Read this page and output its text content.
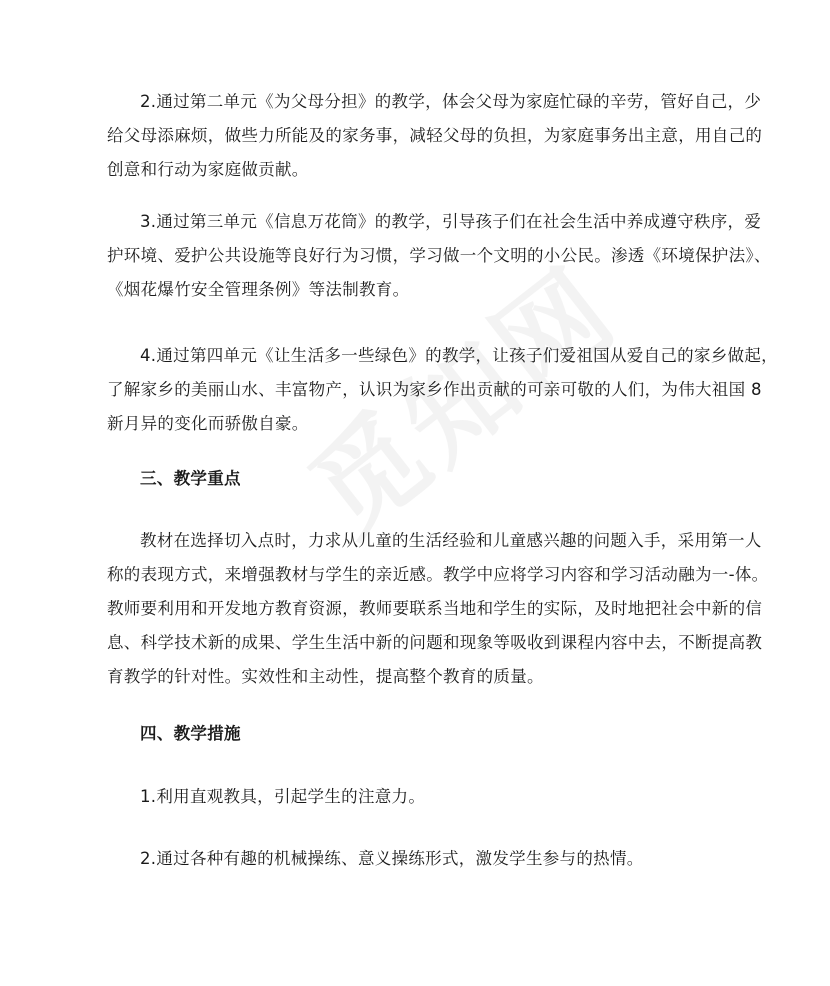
2.通过第二单元《为父母分担》的教学，体会父母为家庭忙碌的辛劳，管好自己，少
给父母添麻烦，做些力所能及的家务事，减轻父母的负担，为家庭事务出主意，用自己的
创意和行动为家庭做贡献。

3.通过第三单元《信息万花筒》的教学，引导孩子们在社会生活中养成遵守秩序，爱
护环境、爱护公共设施等良好行为习惯，学习做一个文明的小公民。渗透《环境保护法》、
《烟花爆竹安全管理条例》等法制教育。

4.通过第四单元《让生活多一些绿色》的教学，让孩子们爱祖国从爱自己的家乡做起，
了解家乡的美丽山水、丰富物产，认识为家乡作出贡献的可亲可敬的人们，为伟大祖国 8
新月异的变化而骄傲自豪。

三、教学重点

教材在选择切入点时，力求从儿童的生活经验和儿童感兴趣的问题入手，采用第一人
称的表现方式，来增强教材与学生的亲近感。教学中应将学习内容和学习活动融为一-体。
教师要利用和开发地方教育资源，教师要联系当地和学生的实际，及时地把社会中新的信
息、科学技术新的成果、学生生活中新的问题和现象等吸收到课程内容中去，不断提高教
育教学的针对性。实效性和主动性，提高整个教育的质量。

四、教学措施

1.利用直观教具，引起学生的注意力。

2.通过各种有趣的机械操练、意义操练形式，激发学生参与的热情。
